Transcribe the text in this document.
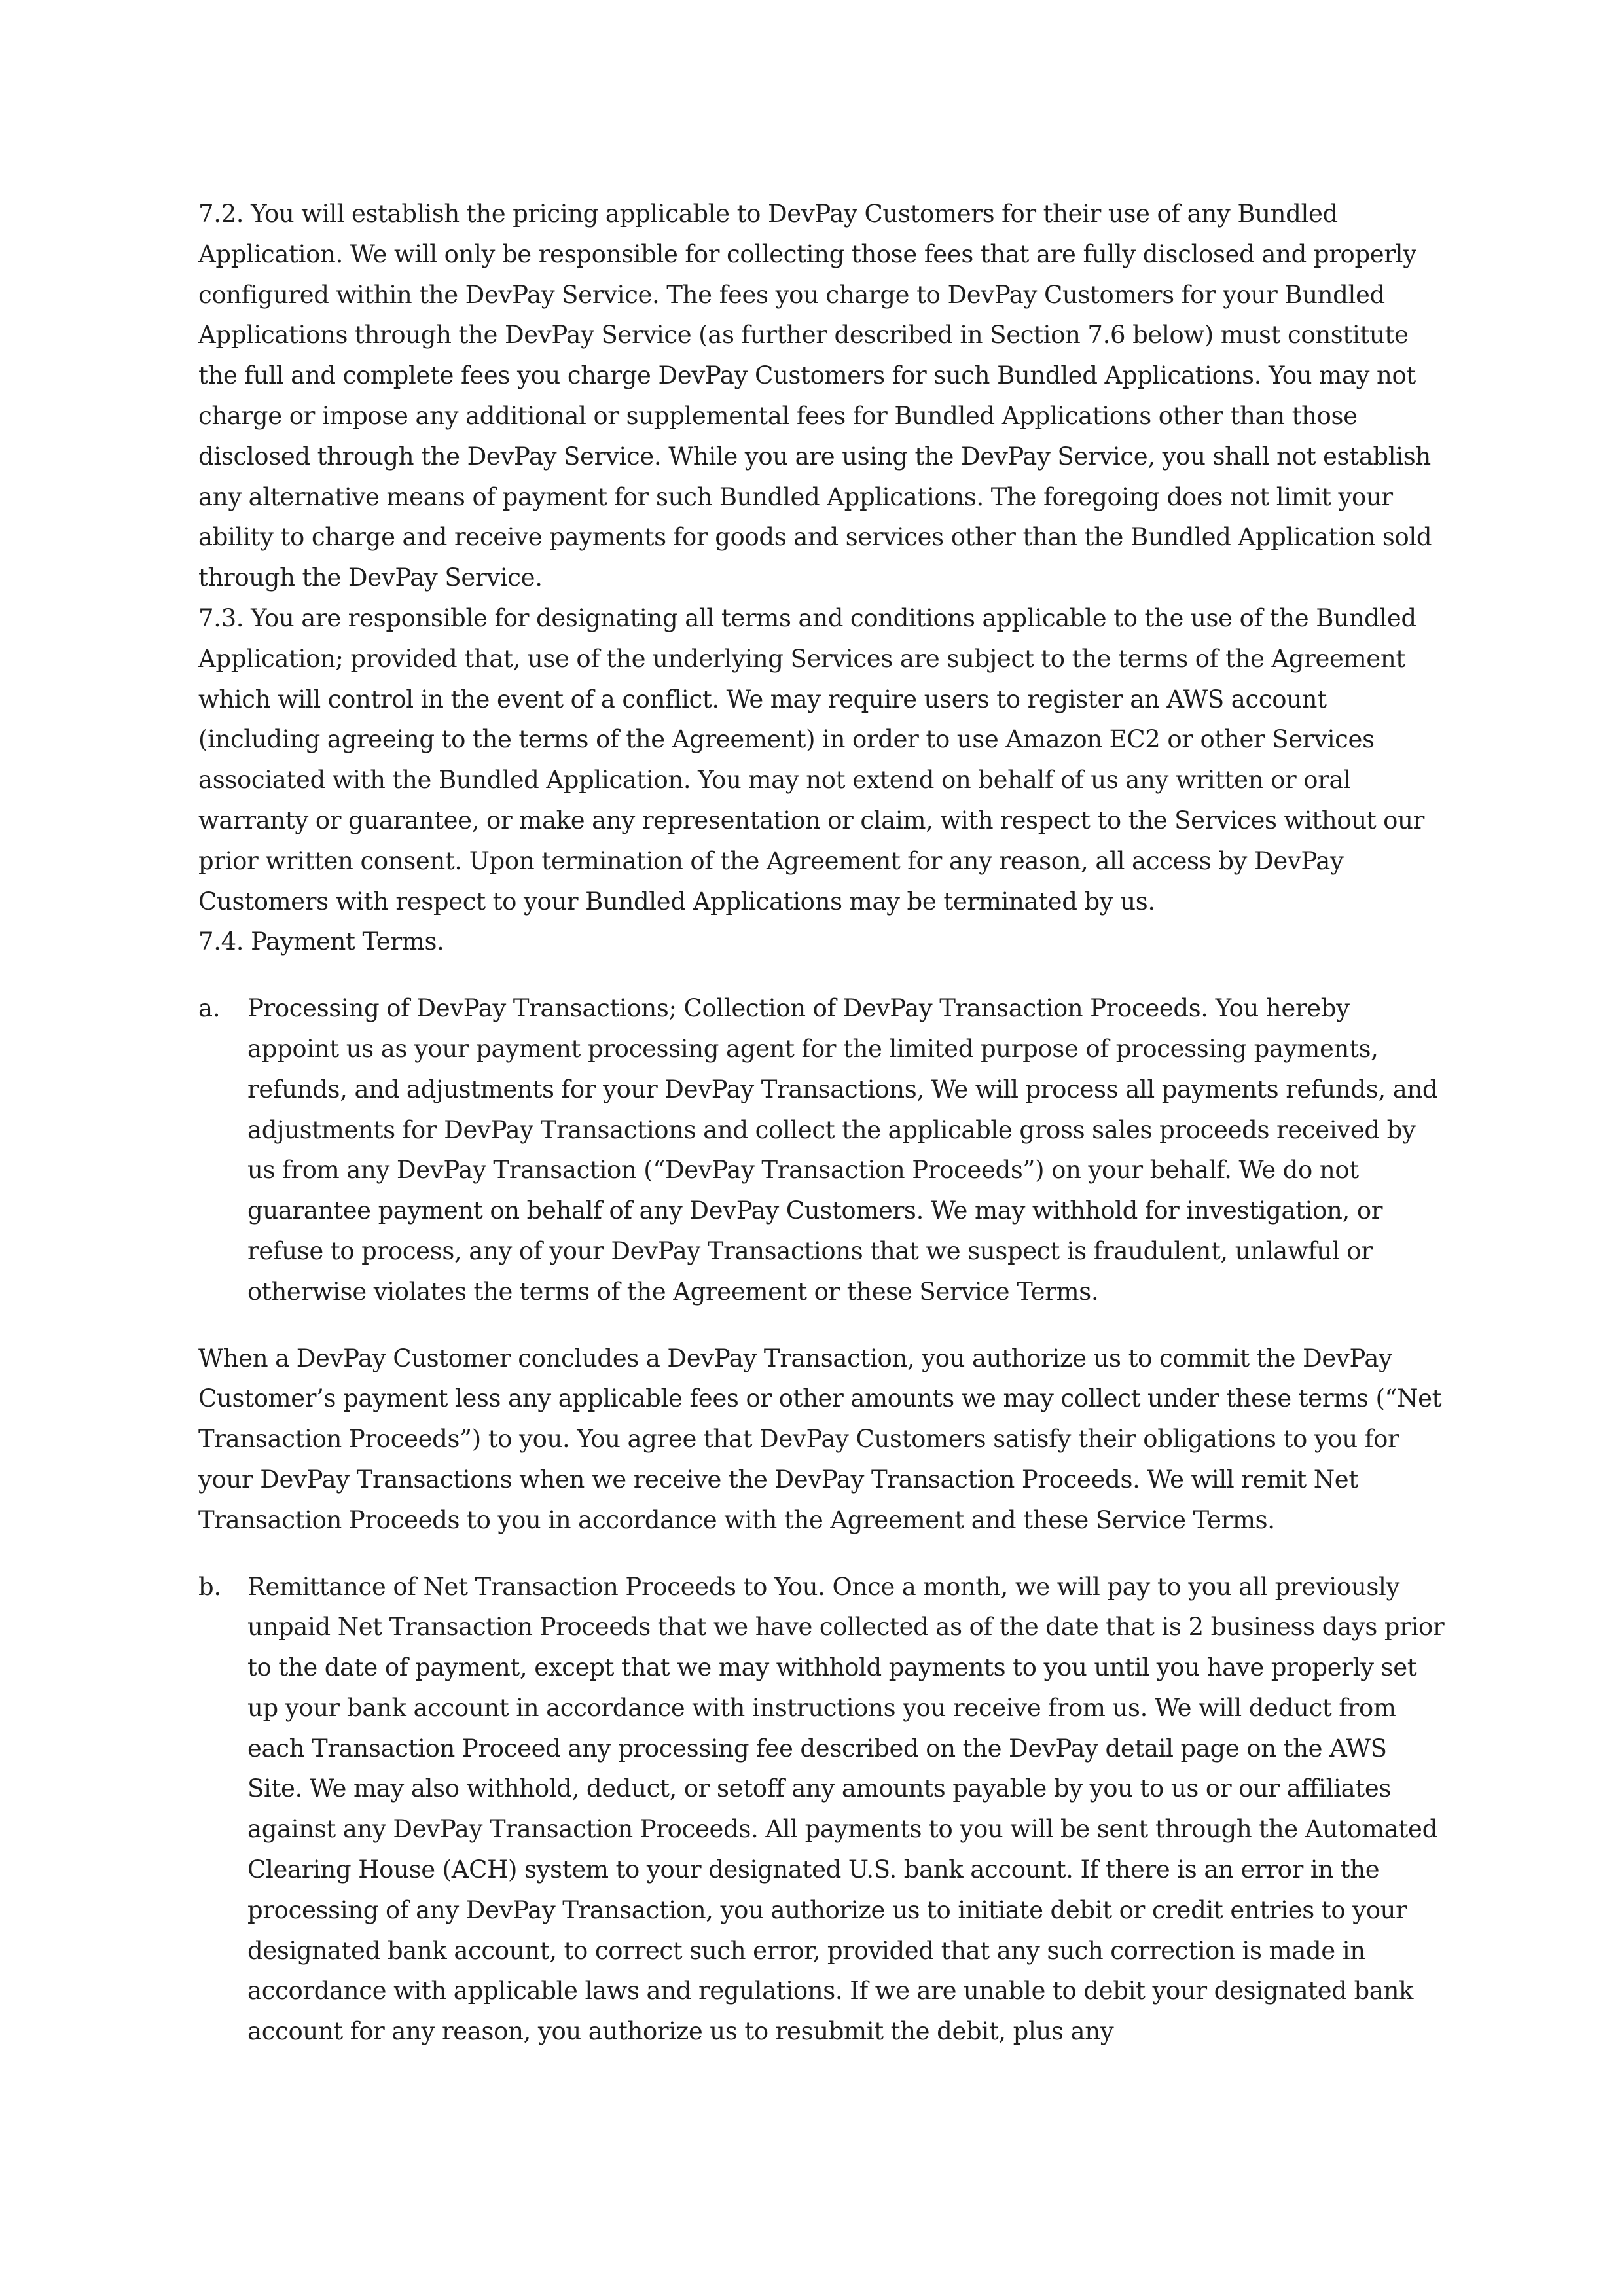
7.2. You will establish the pricing applicable to DevPay Customers for their use of any Bundled Application. We will only be responsible for collecting those fees that are fully disclosed and properly configured within the DevPay Service. The fees you charge to DevPay Customers for your Bundled Applications through the DevPay Service (as further described in Section 7.6 below) must constitute the full and complete fees you charge DevPay Customers for such Bundled Applications. You may not charge or impose any additional or supplemental fees for Bundled Applications other than those disclosed through the DevPay Service. While you are using the DevPay Service, you shall not establish any alternative means of payment for such Bundled Applications. The foregoing does not limit your ability to charge and receive payments for goods and services other than the Bundled Application sold through the DevPay Service.

7.3. You are responsible for designating all terms and conditions applicable to the use of the Bundled Application; provided that, use of the underlying Services are subject to the terms of the Agreement which will control in the event of a conflict. We may require users to register an AWS account (including agreeing to the terms of the Agreement) in order to use Amazon EC2 or other Services associated with the Bundled Application. You may not extend on behalf of us any written or oral warranty or guarantee, or make any representation or claim, with respect to the Services without our prior written consent. Upon termination of the Agreement for any reason, all access by DevPay Customers with respect to your Bundled Applications may be terminated by us.

7.4. Payment Terms.

a.	Processing of DevPay Transactions; Collection of DevPay Transaction Proceeds. You hereby appoint us as your payment processing agent for the limited purpose of processing payments, refunds, and adjustments for your DevPay Transactions, We will process all payments refunds, and adjustments for DevPay Transactions and collect the applicable gross sales proceeds received by us from any DevPay Transaction (“DevPay Transaction Proceeds”) on your behalf. We do not guarantee payment on behalf of any DevPay Customers. We may withhold for investigation, or refuse to process, any of your DevPay Transactions that we suspect is fraudulent, unlawful or otherwise violates the terms of the Agreement or these Service Terms.

When a DevPay Customer concludes a DevPay Transaction, you authorize us to commit the DevPay Customer’s payment less any applicable fees or other amounts we may collect under these terms (“Net Transaction Proceeds”) to you. You agree that DevPay Customers satisfy their obligations to you for your DevPay Transactions when we receive the DevPay Transaction Proceeds. We will remit Net Transaction Proceeds to you in accordance with the Agreement and these Service Terms.

b.	Remittance of Net Transaction Proceeds to You. Once a month, we will pay to you all previously unpaid Net Transaction Proceeds that we have collected as of the date that is 2 business days prior to the date of payment, except that we may withhold payments to you until you have properly set up your bank account in accordance with instructions you receive from us. We will deduct from each Transaction Proceed any processing fee described on the DevPay detail page on the AWS Site. We may also withhold, deduct, or setoff any amounts payable by you to us or our affiliates against any DevPay Transaction Proceeds. All payments to you will be sent through the Automated Clearing House (ACH) system to your designated U.S. bank account. If there is an error in the processing of any DevPay Transaction, you authorize us to initiate debit or credit entries to your designated bank account, to correct such error, provided that any such correction is made in accordance with applicable laws and regulations. If we are unable to debit your designated bank account for any reason, you authorize us to resubmit the debit, plus any
